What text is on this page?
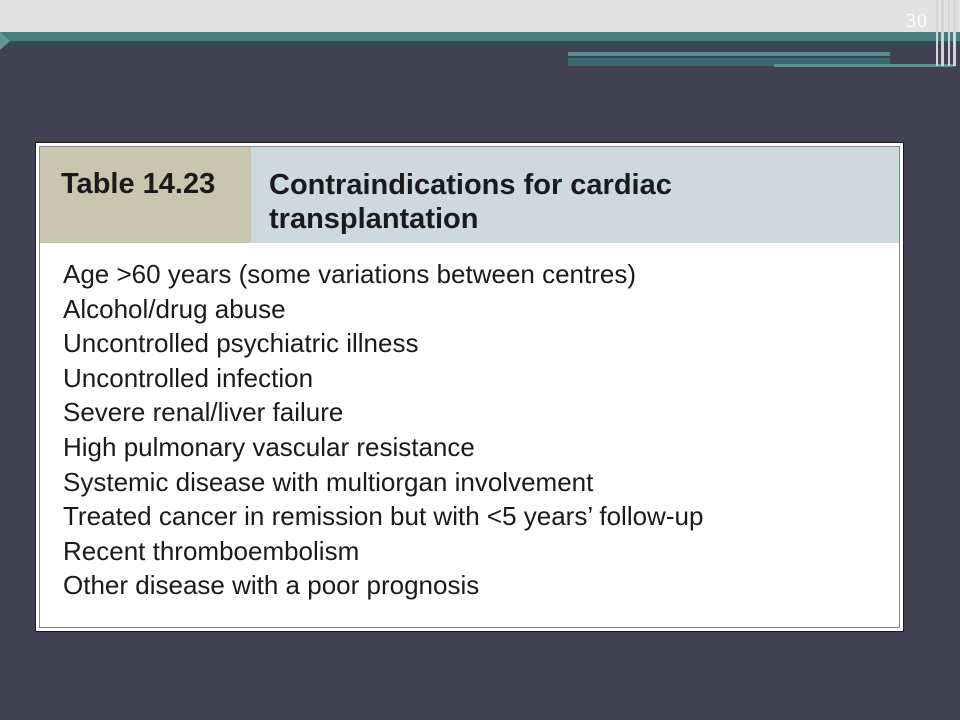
30
Table 14.23	Contraindications for cardiac transplantation
Age >60 years (some variations between centres)
Alcohol/drug abuse
Uncontrolled psychiatric illness
Uncontrolled infection
Severe renal/liver failure
High pulmonary vascular resistance
Systemic disease with multiorgan involvement
Treated cancer in remission but with <5 years’ follow-up
Recent thromboembolism
Other disease with a poor prognosis
